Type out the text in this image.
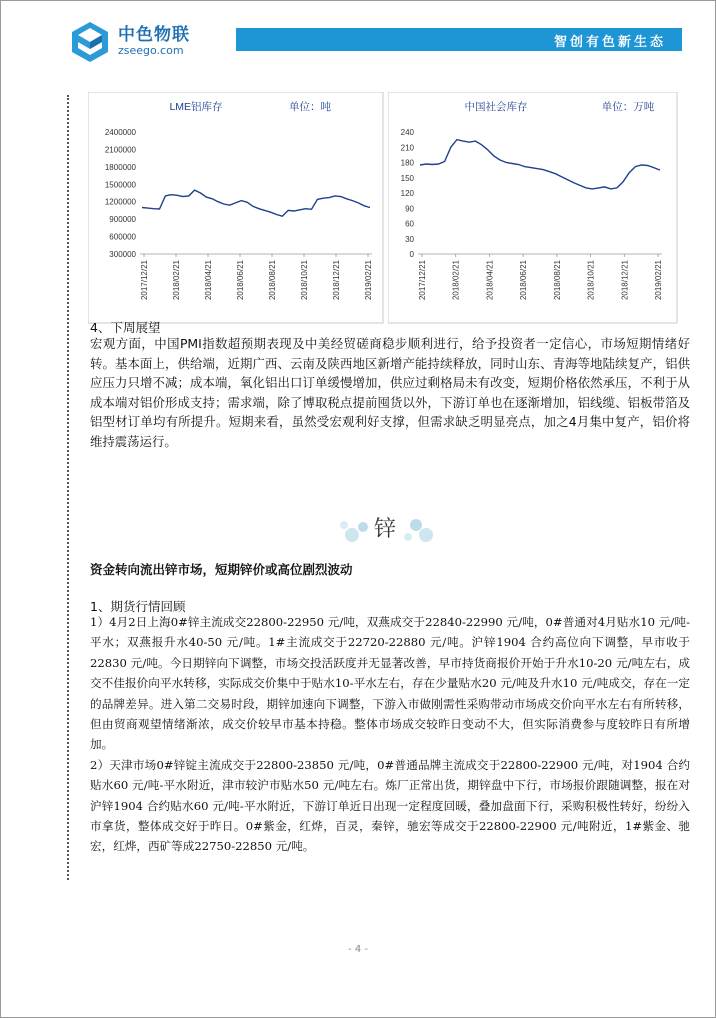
中色物联
zseego.com
智创有色新生态
LME铝库存	单位：吨
2400000
2100000
1800000
1500000
1200000
900000
600000
300000
2017/12/21	2018/02/21	2018/04/21	2018/06/21	2018/08/21	2018/10/21	2018/12/21	2019/02/21
中国社会库存	单位：万吨
240
210
180
150
120
90
60
30
0
2017/12/21	2018/02/21	2018/04/21	2018/06/21	2018/08/21	2018/10/21	2018/12/21	2019/02/21
4、下周展望

宏观方面，中国PMI指数超预期表现及中美经贸磋商稳步顺利进行，给予投资者一定信心，市场短期情绪好转。基本面上，供给端，近期广西、云南及陕西地区新增产能持续释放，同时山东、青海等地陆续复产，铝供应压力只增不减；成本端，氧化铝出口订单缓慢增加，供应过剩格局未有改变，短期价格依然承压，不利于从成本端对铝价形成支持；需求端，除了博取税点提前囤货以外，下游订单也在逐渐增加，铝线缆、铝板带箔及铝型材订单均有所提升。短期来看，虽然受宏观利好支撑，但需求缺乏明显亮点，加之4月集中复产，铝价将维持震荡运行。

锌
资金转向流出锌市场，短期锌价或高位剧烈波动
1、期货行情回顾

1）4月2日上海0#锌主流成交22800-22950 元/吨，双燕成交于22840-22990 元/吨，0#普通对4月贴水10 元/吨-平水；双燕报升水40-50 元/吨。1#主流成交于22720-22880 元/吨。沪锌1904 合约高位向下调整，早市收于22830 元/吨。今日期锌向下调整，市场交投活跃度并无显著改善，早市持货商报价开始于升水10-20 元/吨左右，成交不佳报价向平水转移，实际成交价集中于贴水10-平水左右，存在少量贴水20 元/吨及升水10 元/吨成交，存在一定的品牌差异。进入第二交易时段，期锌加速向下调整，下游入市做刚需性采购带动市场成交价向平水左右有所转移，但由贸商观望情绪渐浓，成交价较早市基本持稳。整体市场成交较昨日变动不大，但实际消费参与度较昨日有所增加。

2）天津市场0#锌锭主流成交于22800-23850 元/吨，0#普通品牌主流成交于22800-22900 元/吨，对1904 合约贴水60 元/吨-平水附近，津市较沪市贴水50 元/吨左右。炼厂正常出货，期锌盘中下行，市场报价跟随调整，报在对沪锌1904 合约贴水60 元/吨-平水附近，下游订单近日出现一定程度回暖，叠加盘面下行，采购积极性转好，纷纷入市拿货，整体成交好于昨日。0#紫金，红烨，百灵，秦锌，驰宏等成交于22800-22900 元/吨附近，1#紫金、驰宏，红烨，西矿等成22750-22850 元/吨。

- 4 -
